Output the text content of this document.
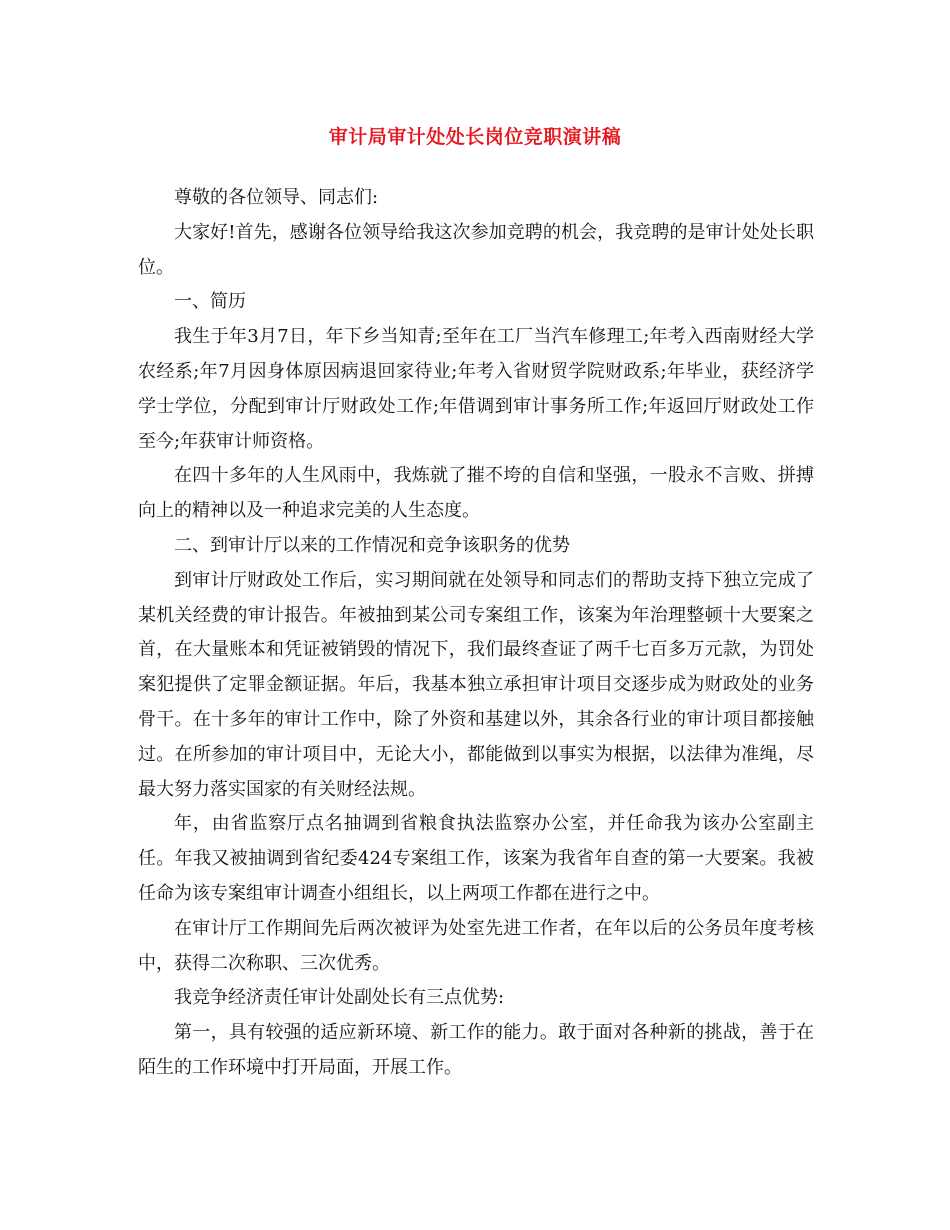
审计局审计处处长岗位竞职演讲稿

尊敬的各位领导、同志们:

大家好!首先，感谢各位领导给我这次参加竞聘的机会，我竞聘的是审计处处长职位。

一、简历

我生于年3月7日，年下乡当知青;至年在工厂当汽车修理工;年考入西南财经大学农经系;年7月因身体原因病退回家待业;年考入省财贸学院财政系;年毕业，获经济学学士学位，分配到审计厅财政处工作;年借调到审计事务所工作;年返回厅财政处工作至今;年获审计师资格。

在四十多年的人生风雨中，我炼就了摧不垮的自信和坚强，一股永不言败、拼搏向上的精神以及一种追求完美的人生态度。

二、到审计厅以来的工作情况和竞争该职务的优势

到审计厅财政处工作后，实习期间就在处领导和同志们的帮助支持下独立完成了某机关经费的审计报告。年被抽到某公司专案组工作，该案为年治理整顿十大要案之首，在大量账本和凭证被销毁的情况下，我们最终查证了两千七百多万元款，为罚处案犯提供了定罪金额证据。年后，我基本独立承担审计项目交逐步成为财政处的业务骨干。在十多年的审计工作中，除了外资和基建以外，其余各行业的审计项目都接触过。在所参加的审计项目中，无论大小，都能做到以事实为根据，以法律为准绳，尽最大努力落实国家的有关财经法规。

年，由省监察厅点名抽调到省粮食执法监察办公室，并任命我为该办公室副主任。年我又被抽调到省纪委424专案组工作，该案为我省年自查的第一大要案。我被任命为该专案组审计调查小组组长，以上两项工作都在进行之中。

在审计厅工作期间先后两次被评为处室先进工作者，在年以后的公务员年度考核中，获得二次称职、三次优秀。

我竞争经济责任审计处副处长有三点优势:

第一，具有较强的适应新环境、新工作的能力。敢于面对各种新的挑战，善于在陌生的工作环境中打开局面，开展工作。
